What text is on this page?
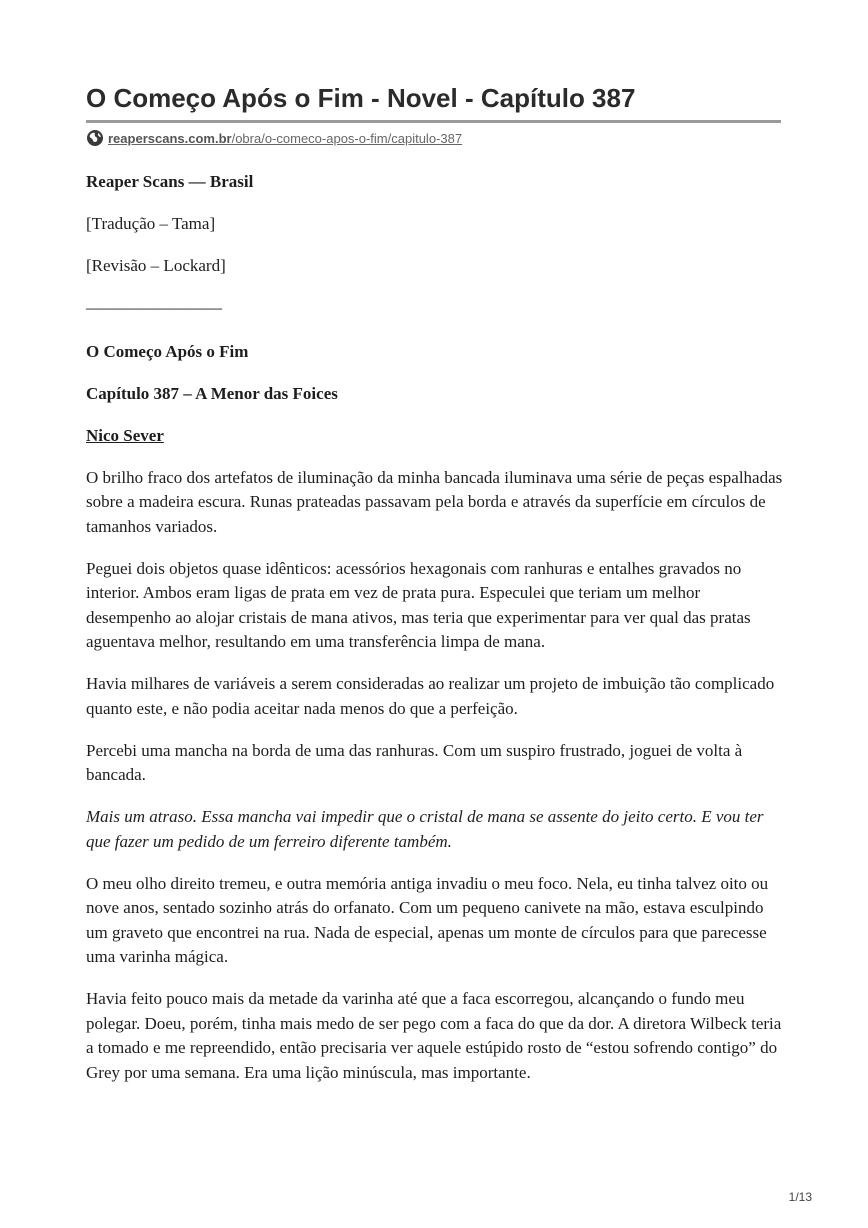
O Começo Após o Fim - Novel - Capítulo 387
reaperscans.com.br/obra/o-comeco-apos-o-fim/capitulo-387

Reaper Scans — Brasil

[Tradução – Tama]

[Revisão – Lockard]

————————

O Começo Após o Fim

Capítulo 387 – A Menor das Foices

Nico Sever

O brilho fraco dos artefatos de iluminação da minha bancada iluminava uma série de peças espalhadas sobre a madeira escura. Runas prateadas passavam pela borda e através da superfície em círculos de tamanhos variados.

Peguei dois objetos quase idênticos: acessórios hexagonais com ranhuras e entalhes gravados no interior. Ambos eram ligas de prata em vez de prata pura. Especulei que teriam um melhor desempenho ao alojar cristais de mana ativos, mas teria que experimentar para ver qual das pratas aguentava melhor, resultando em uma transferência limpa de mana.

Havia milhares de variáveis a serem consideradas ao realizar um projeto de imbuição tão complicado quanto este, e não podia aceitar nada menos do que a perfeição.

Percebi uma mancha na borda de uma das ranhuras. Com um suspiro frustrado, joguei de volta à bancada.

Mais um atraso. Essa mancha vai impedir que o cristal de mana se assente do jeito certo. E vou ter que fazer um pedido de um ferreiro diferente também.

O meu olho direito tremeu, e outra memória antiga invadiu o meu foco. Nela, eu tinha talvez oito ou nove anos, sentado sozinho atrás do orfanato. Com um pequeno canivete na mão, estava esculpindo um graveto que encontrei na rua. Nada de especial, apenas um monte de círculos para que parecesse uma varinha mágica.

Havia feito pouco mais da metade da varinha até que a faca escorregou, alcançando o fundo meu polegar. Doeu, porém, tinha mais medo de ser pego com a faca do que da dor. A diretora Wilbeck teria a tomado e me repreendido, então precisaria ver aquele estúpido rosto de “estou sofrendo contigo” do Grey por uma semana. Era uma lição minúscula, mas importante.

1/13
